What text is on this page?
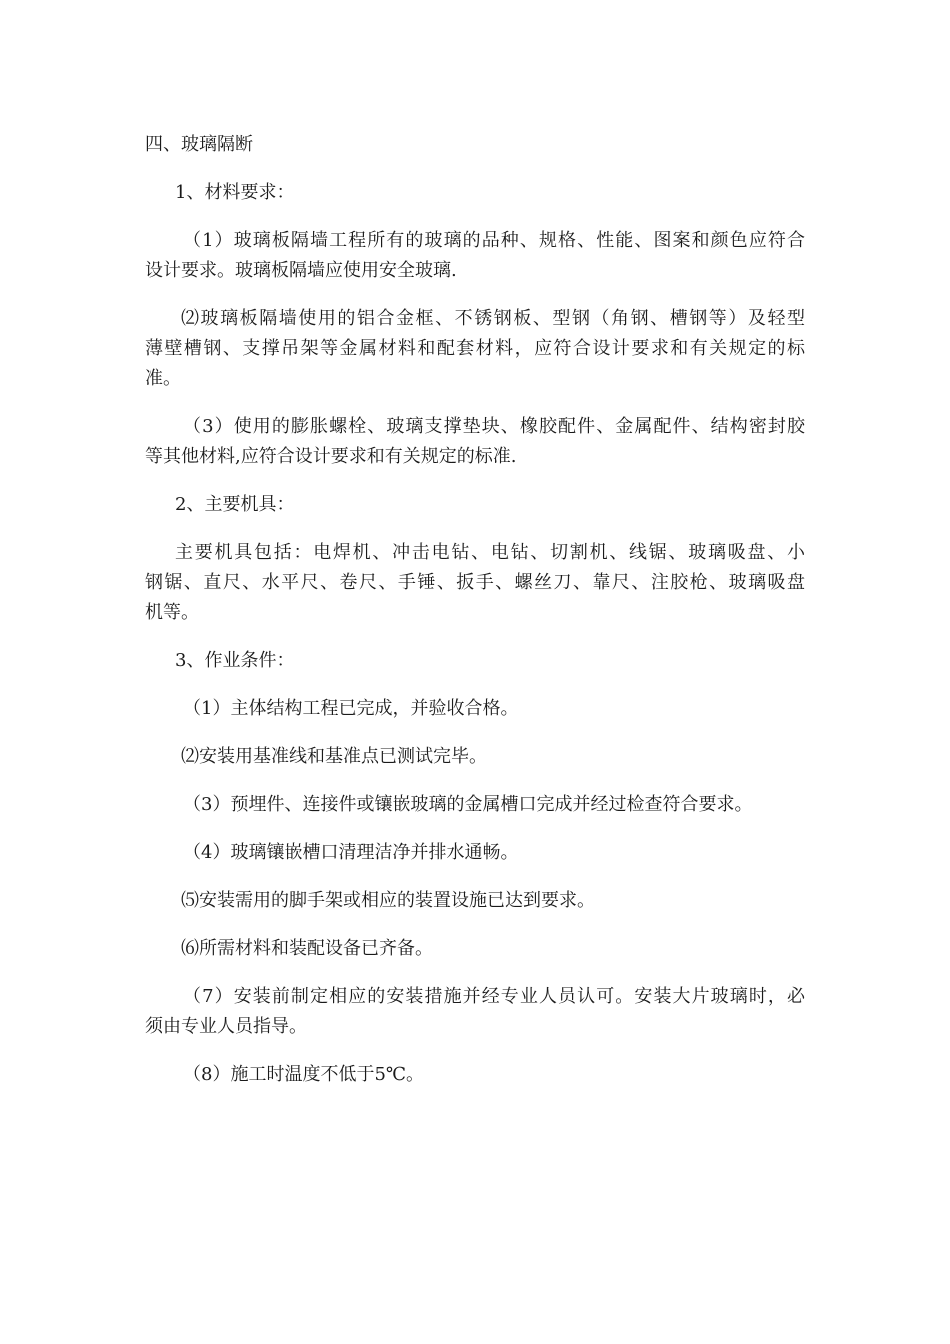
四、玻璃隔断

1、材料要求：

（1）玻璃板隔墙工程所有的玻璃的品种、规格、性能、图案和颜色应符合
设计要求。玻璃板隔墙应使用安全玻璃.
⑵玻璃板隔墙使用的铝合金框、不锈钢板、型钢（角钢、槽钢等）及轻型
薄壁槽钢、支撑吊架等金属材料和配套材料，应符合设计要求和有关规定的标
准。
（3）使用的膨胀螺栓、玻璃支撑垫块、橡胶配件、金属配件、结构密封胶
等其他材料,应符合设计要求和有关规定的标准.

2、主要机具：

主要机具包括：电焊机、冲击电钻、电钻、切割机、线锯、玻璃吸盘、小
钢锯、直尺、水平尺、卷尺、手锤、扳手、螺丝刀、靠尺、注胶枪、玻璃吸盘
机等。

3、作业条件：

（1）主体结构工程已完成，并验收合格。

⑵安装用基准线和基准点已测试完毕。

（3）预埋件、连接件或镶嵌玻璃的金属槽口完成并经过检查符合要求。

（4）玻璃镶嵌槽口清理洁净并排水通畅。

⑸安装需用的脚手架或相应的装置设施已达到要求。

⑹所需材料和装配设备已齐备。

（7）安装前制定相应的安装措施并经专业人员认可。安装大片玻璃时，必
须由专业人员指导。

（8）施工时温度不低于5℃。
